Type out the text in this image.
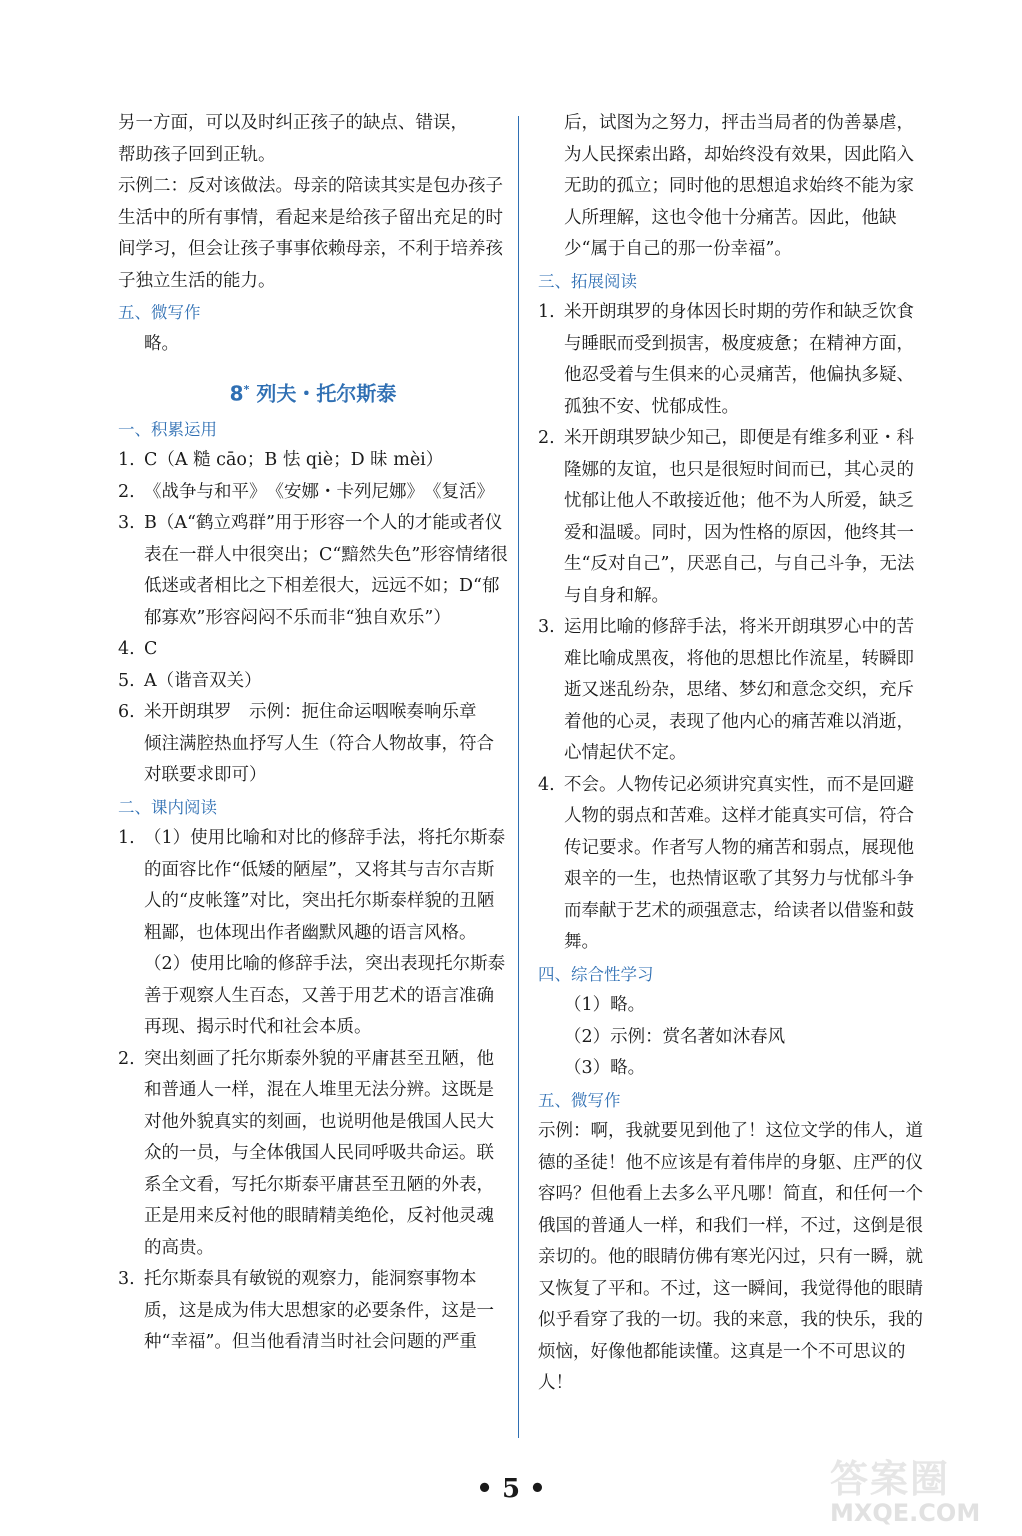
另一方面，可以及时纠正孩子的缺点、错误，
帮助孩子回到正轨。
示例二：反对该做法。母亲的陪读其实是包办孩子生活中的所有事情，看起来是给孩子留出充足的时间学习，但会让孩子事事依赖母亲，不利于培养孩子独立生活的能力。
五、微写作
略。
8* 列夫・托尔斯泰
一、积累运用
1. C（A 糙 cāo；B 怯 qiè；D 昧 mèi）
2. 《战争与和平》　《安娜・卡列尼娜》　《复活》
3. B（A“鹤立鸡群”用于形容一个人的才能或者仪表在一群人中很突出；C“黯然失色”形容情绪很低迷或者相比之下相差很大，远远不如；D“郁郁寡欢”形容闷闷不乐而非“独自欢乐”）
4. C
5. A（谐音双关）
6. 米开朗琪罗　示例：扼住命运咽喉奏响乐章　倾注满腔热血抒写人生（符合人物故事，符合对联要求即可）
二、课内阅读
1. （1）使用比喻和对比的修辞手法，将托尔斯泰的面容比作“低矮的陋屋”，又将其与吉尔吉斯人的“皮帐篷”对比，突出托尔斯泰样貌的丑陋粗鄙，也体现出作者幽默风趣的语言风格。
（2）使用比喻的修辞手法，突出表现托尔斯泰善于观察人生百态，又善于用艺术的语言准确再现、揭示时代和社会本质。
2. 突出刻画了托尔斯泰外貌的平庸甚至丑陋，他和普通人一样，混在人堆里无法分辨。这既是对他外貌真实的刻画，也说明他是俄国人民大众的一员，与全体俄国人民同呼吸共命运。联系全文看，写托尔斯泰平庸甚至丑陋的外表，正是用来反衬他的眼睛精美绝伦，反衬他灵魂的高贵。
3. 托尔斯泰具有敏锐的观察力，能洞察事物本质，这是成为伟大思想家的必要条件，这是一种“幸福”。但当他看清当时社会问题的严重
后，试图为之努力，抨击当局者的伪善暴虐，为人民探索出路，却始终没有效果，因此陷入无助的孤立；同时他的思想追求始终不能为家人所理解，这也令他十分痛苦。因此，他缺少“属于自己的那一份幸福”。
三、拓展阅读
1. 米开朗琪罗的身体因长时期的劳作和缺乏饮食与睡眠而受到损害，极度疲惫；在精神方面，他忍受着与生俱来的心灵痛苦，他偏执多疑、孤独不安、忧郁成性。
2. 米开朗琪罗缺少知己，即便是有维多利亚・科隆娜的友谊，也只是很短时间而已，其心灵的忧郁让他人不敢接近他；他不为人所爱，缺乏爱和温暖。同时，因为性格的原因，他终其一生“反对自己”，厌恶自己，与自己斗争，无法与自身和解。
3. 运用比喻的修辞手法，将米开朗琪罗心中的苦难比喻成黑夜，将他的思想比作流星，转瞬即逝又迷乱纷杂，思绪、梦幻和意念交织，充斥着他的心灵，表现了他内心的痛苦难以消逝，心情起伏不定。
4. 不会。人物传记必须讲究真实性，而不是回避人物的弱点和苦难。这样才能真实可信，符合传记要求。作者写人物的痛苦和弱点，展现他艰辛的一生，也热情讴歌了其努力与忧郁斗争而奉献于艺术的顽强意志，给读者以借鉴和鼓舞。
四、综合性学习
（1）略。
（2）示例：赏名著如沐春风
（3）略。
五、微写作
示例：啊，我就要见到他了！这位文学的伟人，道德的圣徒！他不应该是有着伟岸的身躯、庄严的仪容吗？但他看上去多么平凡哪！简直，和任何一个俄国的普通人一样，和我们一样，不过，这倒是很亲切的。他的眼睛仿佛有寒光闪过，只有一瞬，就又恢复了平和。不过，这一瞬间，我觉得他的眼睛似乎看穿了我的一切。我的来意，我的快乐，我的烦恼，好像他都能读懂。这真是一个不可思议的人！
• 5 •	答案圈
MXQE.COM
